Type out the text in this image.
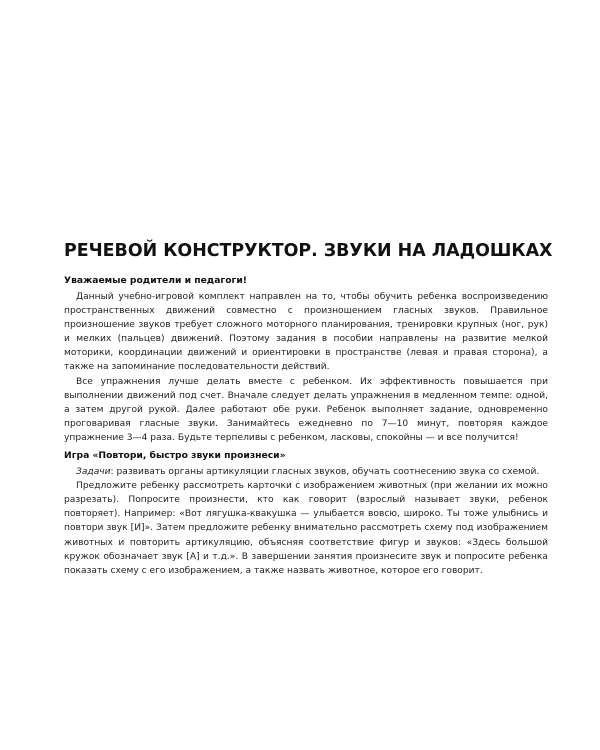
РЕЧЕВОЙ КОНСТРУКТОР. ЗВУКИ НА ЛАДОШКАХ
Уважаемые родители и педагоги!

Данный учебно-игровой комплект направлен на то, чтобы обучить ребенка воспроизведению пространственных движений совместно с произношением гласных звуков. Правильное произношение звуков требует сложного моторного планирования, тренировки крупных (ног, рук) и мелких (пальцев) движений. Поэтому задания в пособии направлены на развитие мелкой моторики, координации движений и ориентировки в пространстве (левая и правая сторона), а также на запоминание последовательности действий.

Все упражнения лучше делать вместе с ребенком. Их эффективность повышается при выполнении движений под счет. Вначале следует делать упражнения в медленном темпе: одной, а затем другой рукой. Далее работают обе руки. Ребенок выполняет задание, одновременно проговаривая гласные звуки. Занимайтесь ежедневно по 7—10 минут, повторяя каждое упражнение 3—4 раза. Будьте терпеливы с ребенком, ласковы, спокойны — и все получится!

Игра «Повтори, быстро звуки произнеси»

Задачи: развивать органы артикуляции гласных звуков, обучать соотнесению звука со схемой.

Предложите ребенку рассмотреть карточки с изображением животных (при желании их можно разрезать). Попросите произнести, кто как говорит (взрослый называет звуки, ребенок повторяет). Например: «Вот лягушка-квакушка — улыбается вовсю, широко. Ты тоже улыбнись и повтори звук [И]». Затем предложите ребенку внимательно рассмотреть схему под изображением животных и повторить артикуляцию, объясняя соответствие фигур и звуков: «Здесь большой кружок обозначает звук [А] и т.д.». В завершении занятия произнесите звук и попросите ребенка показать схему с его изображением, а также назвать животное, которое его говорит.
